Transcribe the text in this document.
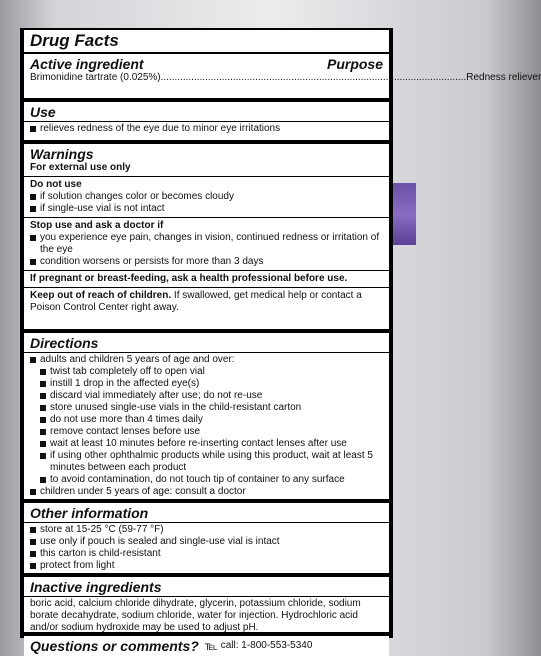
Drug Facts
Active ingredient	Purpose
Brimonidine tartrate (0.025%) .............................................................................................................. Redness reliever
Use
relieves redness of the eye due to minor eye irritations
Warnings
For external use only
Do not use
if solution changes color or becomes cloudy
if single-use vial is not intact
Stop use and ask a doctor if
you experience eye pain, changes in vision, continued redness or irritation of the eye
condition worsens or persists for more than 3 days
If pregnant or breast-feeding, ask a health professional before use.
Keep out of reach of children. If swallowed, get medical help or contact a Poison Control Center right away.
Directions
adults and children 5 years of age and over:
twist tab completely off to open vial
instill 1 drop in the affected eye(s)
discard vial immediately after use; do not re-use
store unused single-use vials in the child-resistant carton
do not use more than 4 times daily
remove contact lenses before use
wait at least 10 minutes before re-inserting contact lenses after use
if using other ophthalmic products while using this product, wait at least 5 minutes between each product
to avoid contamination, do not touch tip of container to any surface
children under 5 years of age: consult a doctor
Other information
store at 15-25 °C (59-77 °F)
use only if pouch is sealed and single-use vial is intact
this carton is child-resistant
protect from light
Inactive ingredients
boric acid, calcium chloride dihydrate, glycerin, potassium chloride, sodium borate decahydrate, sodium chloride, water for injection. Hydrochloric acid and/or sodium hydroxide may be used to adjust pH.
Questions or comments? ℡ call: 1-800-553-5340
